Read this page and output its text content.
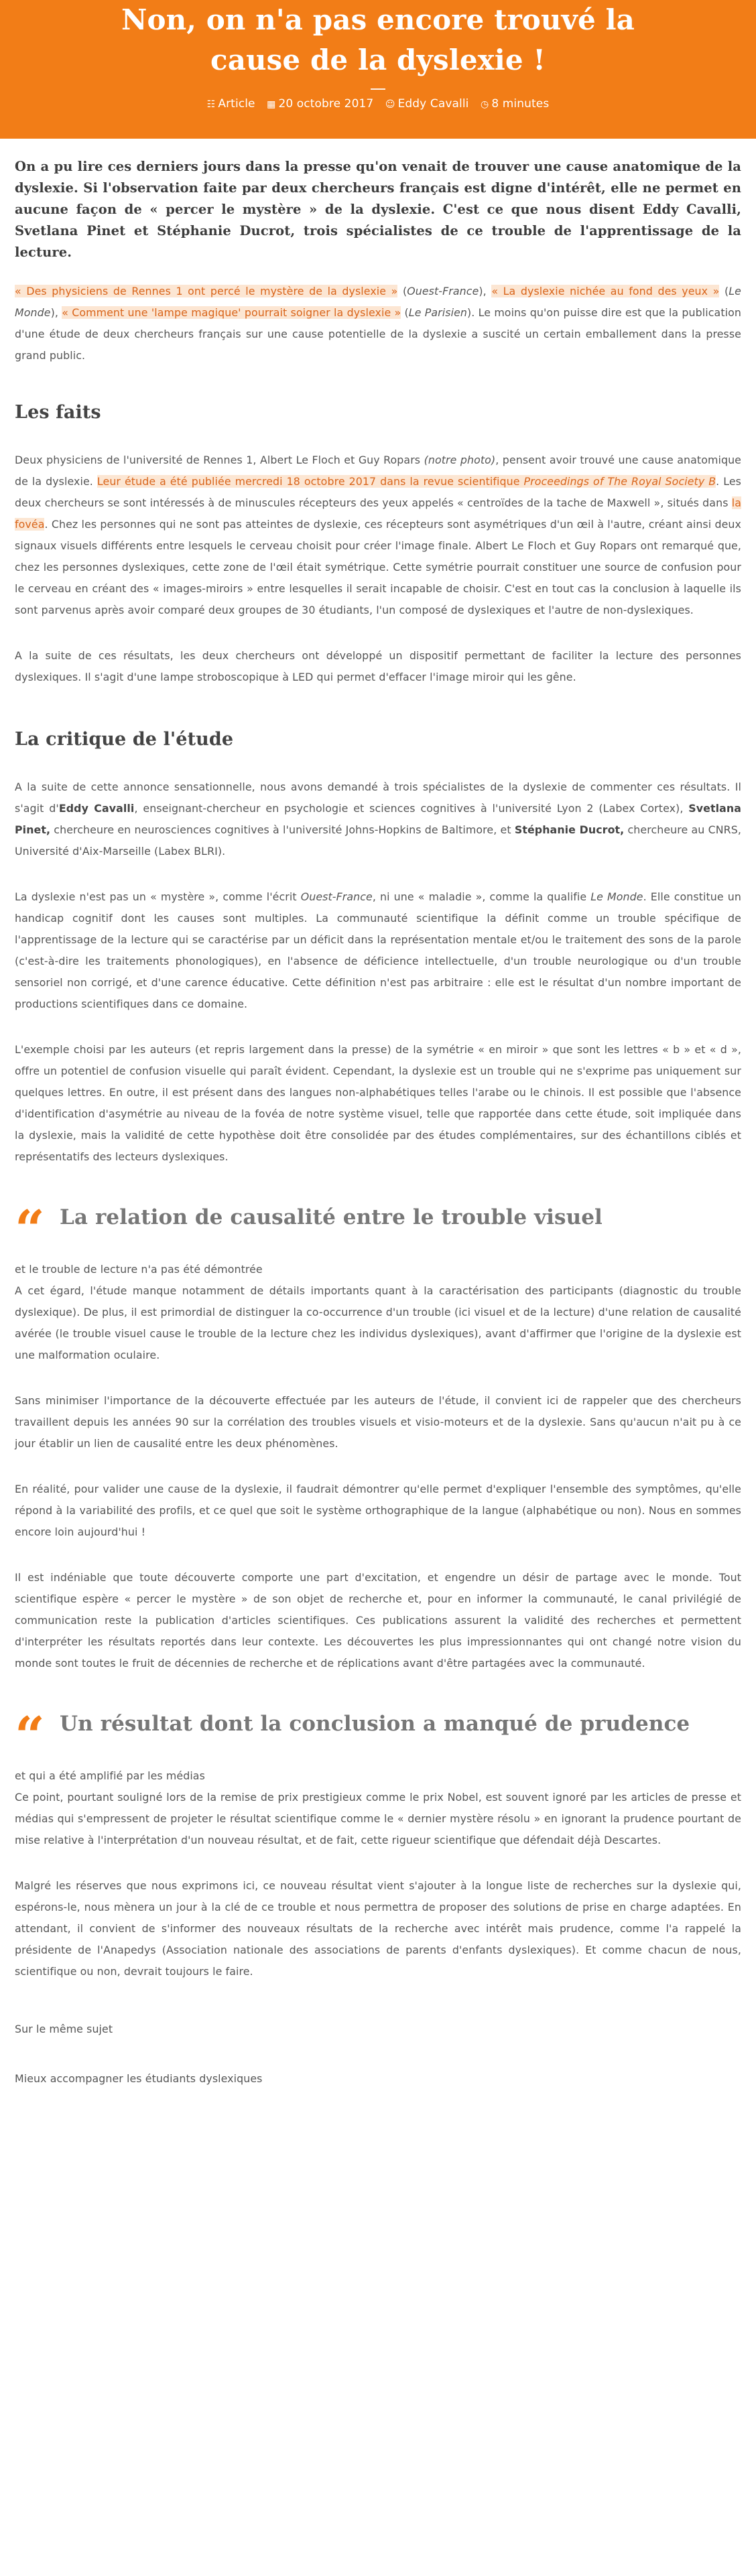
Non, on n'a pas encore trouvé la
cause de la dyslexie !
☷ Article ▦ 20 octobre 2017 ☺ Eddy Cavalli ◷ 8 minutes

On a pu lire ces derniers jours dans la presse qu'on venait de trouver une cause anatomique de la dyslexie. Si l'observation faite par deux chercheurs français est digne d'intérêt, elle ne permet en aucune façon de « percer le mystère » de la dyslexie. C'est ce que nous disent Eddy Cavalli, Svetlana Pinet et Stéphanie Ducrot, trois spécialistes de ce trouble de l'apprentissage de la lecture.

« Des physiciens de Rennes 1 ont percé le mystère de la dyslexie » (Ouest-France), « La dyslexie nichée au fond des yeux » (Le Monde), « Comment une 'lampe magique' pourrait soigner la dyslexie » (Le Parisien). Le moins qu'on puisse dire est que la publication d'une étude de deux chercheurs français sur une cause potentielle de la dyslexie a suscité un certain emballement dans la presse grand public.

Les faits

Deux physiciens de l'université de Rennes 1, Albert Le Floch et Guy Ropars (notre photo), pensent avoir trouvé une cause anatomique de la dyslexie. Leur étude a été publiée mercredi 18 octobre 2017 dans la revue scientifique Proceedings of The Royal Society B. Les deux chercheurs se sont intéressés à de minuscules récepteurs des yeux appelés « centroïdes de la tache de Maxwell », situés dans la fovéa. Chez les personnes qui ne sont pas atteintes de dyslexie, ces récepteurs sont asymétriques d'un œil à l'autre, créant ainsi deux signaux visuels différents entre lesquels le cerveau choisit pour créer l'image finale. Albert Le Floch et Guy Ropars ont remarqué que, chez les personnes dyslexiques, cette zone de l'œil était symétrique. Cette symétrie pourrait constituer une source de confusion pour le cerveau en créant des « images-miroirs » entre lesquelles il serait incapable de choisir. C'est en tout cas la conclusion à laquelle ils sont parvenus après avoir comparé deux groupes de 30 étudiants, l'un composé de dyslexiques et l'autre de non-dyslexiques.

A la suite de ces résultats, les deux chercheurs ont développé un dispositif permettant de faciliter la lecture des personnes dyslexiques. Il s'agit d'une lampe stroboscopique à LED qui permet d'effacer l'image miroir qui les gêne.

La critique de l'étude

A la suite de cette annonce sensationnelle, nous avons demandé à trois spécialistes de la dyslexie de commenter ces résultats. Il s'agit d'Eddy Cavalli, enseignant-chercheur en psychologie et sciences cognitives à l'université Lyon 2 (Labex Cortex), Svetlana Pinet, chercheure en neurosciences cognitives à l'université Johns-Hopkins de Baltimore, et Stéphanie Ducrot, chercheure au CNRS, Université d'Aix-Marseille (Labex BLRI).

La dyslexie n'est pas un « mystère », comme l'écrit Ouest-France, ni une « maladie », comme la qualifie Le Monde. Elle constitue un handicap cognitif dont les causes sont multiples. La communauté scientifique la définit comme un trouble spécifique de l'apprentissage de la lecture qui se caractérise par un déficit dans la représentation mentale et/ou le traitement des sons de la parole (c'est-à-dire les traitements phonologiques), en l'absence de déficience intellectuelle, d'un trouble neurologique ou d'un trouble sensoriel non corrigé, et d'une carence éducative. Cette définition n'est pas arbitraire : elle est le résultat d'un nombre important de productions scientifiques dans ce domaine.

L'exemple choisi par les auteurs (et repris largement dans la presse) de la symétrie « en miroir » que sont les lettres « b » et « d », offre un potentiel de confusion visuelle qui paraît évident. Cependant, la dyslexie est un trouble qui ne s'exprime pas uniquement sur quelques lettres. En outre, il est présent dans des langues non-alphabétiques telles l'arabe ou le chinois. Il est possible que l'absence d'identification d'asymétrie au niveau de la fovéa de notre système visuel, telle que rapportée dans cette étude, soit impliquée dans la dyslexie, mais la validité de cette hypothèse doit être consolidée par des études complémentaires, sur des échantillons ciblés et représentatifs des lecteurs dyslexiques.

“ La relation de causalité entre le trouble visuel
et le trouble de lecture n'a pas été démontrée

A cet égard, l'étude manque notamment de détails importants quant à la caractérisation des participants (diagnostic du trouble dyslexique). De plus, il est primordial de distinguer la co-occurrence d'un trouble (ici visuel et de la lecture) d'une relation de causalité avérée (le trouble visuel cause le trouble de la lecture chez les individus dyslexiques), avant d'affirmer que l'origine de la dyslexie est une malformation oculaire.

Sans minimiser l'importance de la découverte effectuée par les auteurs de l'étude, il convient ici de rappeler que des chercheurs travaillent depuis les années 90 sur la corrélation des troubles visuels et visio-moteurs et de la dyslexie. Sans qu'aucun n'ait pu à ce jour établir un lien de causalité entre les deux phénomènes.

En réalité, pour valider une cause de la dyslexie, il faudrait démontrer qu'elle permet d'expliquer l'ensemble des symptômes, qu'elle répond à la variabilité des profils, et ce quel que soit le système orthographique de la langue (alphabétique ou non). Nous en sommes encore loin aujourd'hui !

Il est indéniable que toute découverte comporte une part d'excitation, et engendre un désir de partage avec le monde. Tout scientifique espère « percer le mystère » de son objet de recherche et, pour en informer la communauté, le canal privilégié de communication reste la publication d'articles scientifiques. Ces publications assurent la validité des recherches et permettent d'interpréter les résultats reportés dans leur contexte. Les découvertes les plus impressionnantes qui ont changé notre vision du monde sont toutes le fruit de décennies de recherche et de réplications avant d'être partagées avec la communauté.

“ Un résultat dont la conclusion a manqué de prudence
et qui a été amplifié par les médias

Ce point, pourtant souligné lors de la remise de prix prestigieux comme le prix Nobel, est souvent ignoré par les articles de presse et médias qui s'empressent de projeter le résultat scientifique comme le « dernier mystère résolu » en ignorant la prudence pourtant de mise relative à l'interprétation d'un nouveau résultat, et de fait, cette rigueur scientifique que défendait déjà Descartes.

Malgré les réserves que nous exprimons ici, ce nouveau résultat vient s'ajouter à la longue liste de recherches sur la dyslexie qui, espérons-le, nous mènera un jour à la clé de ce trouble et nous permettra de proposer des solutions de prise en charge adaptées. En attendant, il convient de s'informer des nouveaux résultats de la recherche avec intérêt mais prudence, comme l'a rappelé la présidente de l'Anapedys (Association nationale des associations de parents d'enfants dyslexiques). Et comme chacun de nous, scientifique ou non, devrait toujours le faire.

Sur le même sujet
Mieux accompagner les étudiants dyslexiques
